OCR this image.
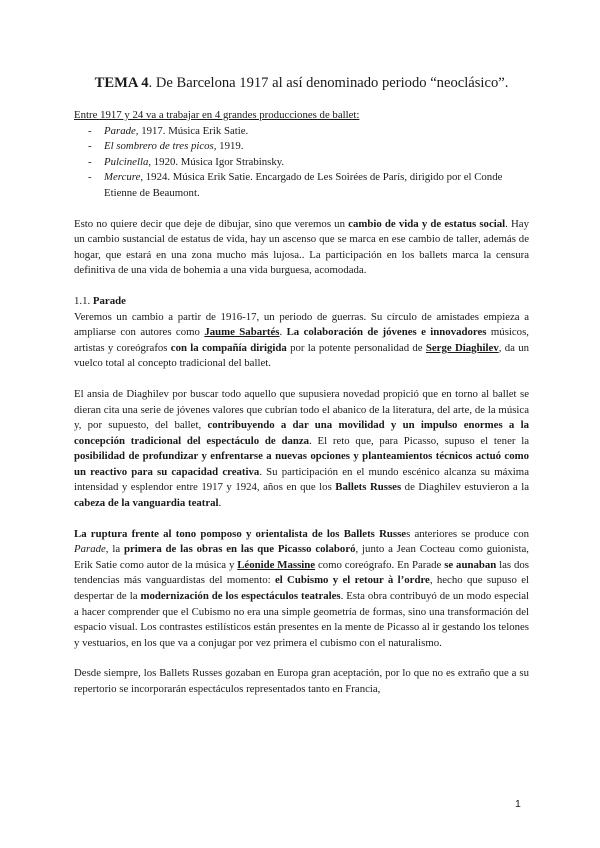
TEMA 4. De Barcelona 1917 al así denominado periodo “neoclásico”.

Entre 1917 y 24 va a trabajar en 4 grandes producciones de ballet:

- Parade, 1917. Música Erik Satie.
- El sombrero de tres picos, 1919.
- Pulcinella, 1920. Música Igor Strabinsky.
- Mercure, 1924. Música Erik Satie. Encargado de Les Soirées de París, dirigido por el Conde Etienne de Beaumont.

Esto no quiere decir que deje de dibujar, sino que veremos un cambio de vida y de estatus social. Hay un cambio sustancial de estatus de vida, hay un ascenso que se marca en ese cambio de taller, además de hogar, que estará en una zona mucho más lujosa.. La participación en los ballets marca la censura definitiva de una vida de bohemia a una vida burguesa, acomodada.

1.1. Parade

Veremos un cambio a partir de 1916-17, un periodo de guerras. Su círculo de amistades empieza a ampliarse con autores como Jaume Sabartés. La colaboración de jóvenes e innovadores músicos, artistas y coreógrafos con la compañía dirigida por la potente personalidad de Serge Diaghilev, da un vuelco total al concepto tradicional del ballet.

El ansia de Diaghilev por buscar todo aquello que supusiera novedad propició que en torno al ballet se dieran cita una serie de jóvenes valores que cubrían todo el abanico de la literatura, del arte, de la música y, por supuesto, del ballet, contribuyendo a dar una movilidad y un impulso enormes a la concepción tradicional del espectáculo de danza. El reto que, para Picasso, supuso el tener la posibilidad de profundizar y enfrentarse a nuevas opciones y planteamientos técnicos actuó como un reactivo para su capacidad creativa. Su participación en el mundo escénico alcanza su máxima intensidad y esplendor entre 1917 y 1924, años en que los Ballets Russes de Diaghilev estuvieron a la cabeza de la vanguardia teatral.

La ruptura frente al tono pomposo y orientalista de los Ballets Russes anteriores se produce con Parade, la primera de las obras en las que Picasso colaboró, junto a Jean Cocteau como guionista, Erik Satie como autor de la música y Léonide Massine como coreógrafo. En Parade se aunaban las dos tendencias más vanguardistas del momento: el Cubismo y el retour à l’ordre, hecho que supuso el despertar de la modernización de los espectáculos teatrales. Esta obra contribuyó de un modo especial a hacer comprender que el Cubismo no era una simple geometría de formas, sino una transformación del espacio visual. Los contrastes estilísticos están presentes en la mente de Picasso al ir gestando los telones y vestuarios, en los que va a conjugar por vez primera el cubismo con el naturalismo.

Desde siempre, los Ballets Russes gozaban en Europa gran aceptación, por lo que no es extraño que a su repertorio se incorporarán espectáculos representados tanto en Francia,

1
